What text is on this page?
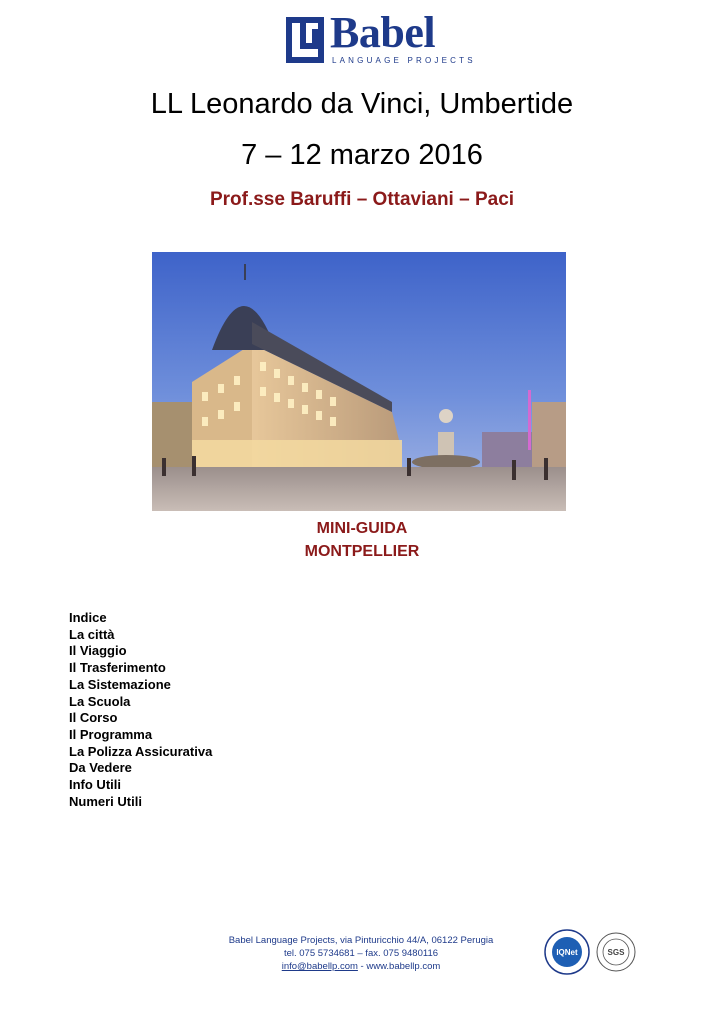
Babel
LANGUAGE PROJECTS
LL Leonardo da Vinci, Umbertide
7 – 12 marzo 2016
Prof.sse Baruffi – Ottaviani – Paci
MINI-GUIDA
MONTPELLIER
Indice
La città
Il Viaggio
Il Trasferimento
La Sistemazione
La Scuola
Il Corso
Il Programma
La Polizza Assicurativa
Da Vedere
Info Utili
Numeri Utili
Babel Language Projects, via Pinturicchio 44/A, 06122 Perugia
tel. 075 5734681 – fax. 075 9480116
info@babellp.com - www.babellp.com
IQNet	SGS
